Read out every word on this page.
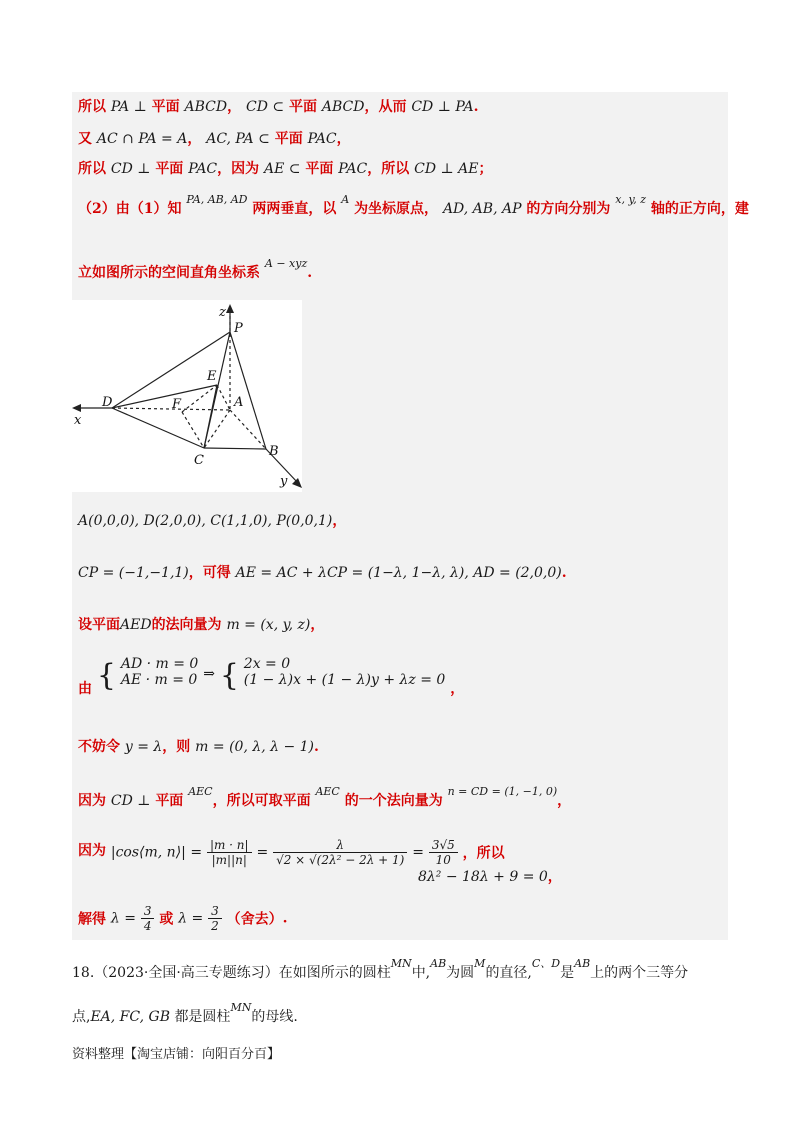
所以 PA ⊥ 平面 ABCD， CD ⊂ 平面 ABCD，从而 CD ⊥ PA.
又 AC ∩ PA = A， AC, PA ⊂ 平面 PAC，
所以 CD ⊥ 平面 PAC，因为 AE ⊂ 平面 PAC，所以 CD ⊥ AE；
（2）由（1）知 $^{PA, AB, AD}$ 两两垂直，以 $^A$ 为坐标原点， AD, AB, AP 的方向分别为 $^{x, y, z}$ 轴的正方向，建
立如图所示的空间直角坐标系 $^{A - xyz}$.
z
P
E
F	A
D
x
C
B
y
A(0,0,0), D(2,0,0), C(1,1,0), P(0,0,1)，
CP = (−1,−1,1)，可得 AE = AC + λCP = (1−λ, 1−λ, λ), AD = (2,0,0).
设平面AED的法向量为 m = (x, y, z)，
由 { AD · m = 0
AE · m = 0 ⇒ { 2x = 0
(1 − λ)x + (1 − λ)y + λz = 0
，
不妨令 y = λ，则 m = (0, λ, λ − 1).
因为 CD ⊥ 平面 $^{AEC}$，所以可取平面 $^{AEC}$ 的一个法向量为 $^{n = CD = (1, -1, 0)}$，
因为 |cos⟨m, n⟩| = $\frac{|m \cdot n|}{|m||n|} = \frac{\lambda}{\text{√2 × √(2λ² − 2λ + 1)}} = \frac{3√5}{10}$ ，所以
8λ² − 18λ + 9 = 0，
解得 $\lambda = \frac{3}{4}$ 或 $\lambda = \frac{3}{2}$ （舍去）.
18.（2023·全国·高三专题练习）在如图所示的圆柱$^{MN}$中,$^{AB}$为圆$^M$的直径,$^{C、D}$是$^{AB}$上的两个三等分
点,EA, FC, GB 都是圆柱$^{MN}$的母线.
资料整理【淘宝店铺：向阳百分百】
